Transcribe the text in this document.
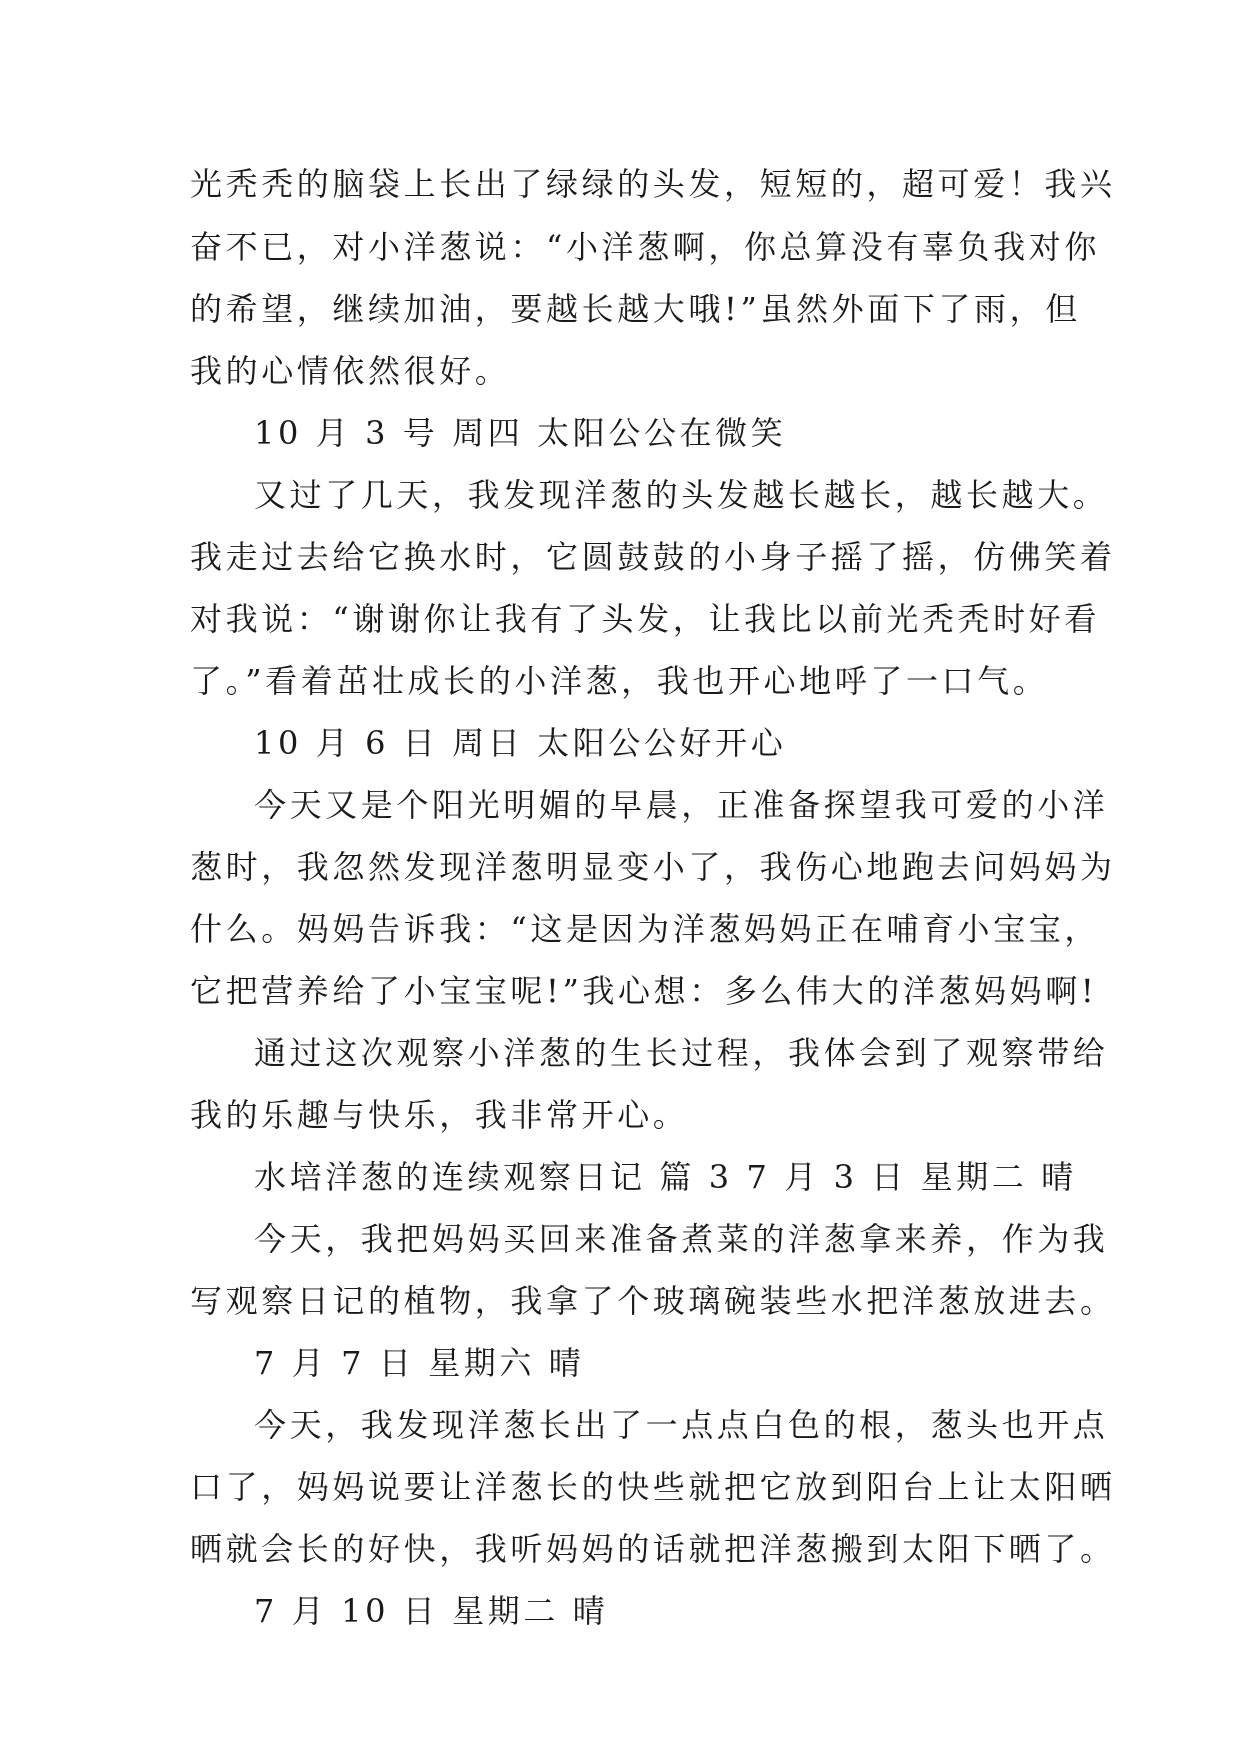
光秃秃的脑袋上长出了绿绿的头发，短短的，超可爱！我兴
奋不已，对小洋葱说：“小洋葱啊，你总算没有辜负我对你
的希望，继续加油，要越长越大哦!”虽然外面下了雨，但
我的心情依然很好。
10 月 3 号 周四 太阳公公在微笑
又过了几天，我发现洋葱的头发越长越长，越长越大。
我走过去给它换水时，它圆鼓鼓的小身子摇了摇，仿佛笑着
对我说：“谢谢你让我有了头发，让我比以前光秃秃时好看
了。”看着茁壮成长的小洋葱，我也开心地呼了一口气。
10 月 6 日 周日 太阳公公好开心
今天又是个阳光明媚的早晨，正准备探望我可爱的小洋
葱时，我忽然发现洋葱明显变小了，我伤心地跑去问妈妈为
什么。妈妈告诉我：“这是因为洋葱妈妈正在哺育小宝宝，
它把营养给了小宝宝呢!”我心想：多么伟大的洋葱妈妈啊!
通过这次观察小洋葱的生长过程，我体会到了观察带给
我的乐趣与快乐，我非常开心。
水培洋葱的连续观察日记 篇 3 7 月 3 日 星期二 晴
今天，我把妈妈买回来准备煮菜的洋葱拿来养，作为我
写观察日记的植物，我拿了个玻璃碗装些水把洋葱放进去。
7 月 7 日 星期六 晴
今天，我发现洋葱长出了一点点白色的根，葱头也开点
口了，妈妈说要让洋葱长的快些就把它放到阳台上让太阳晒
晒就会长的好快，我听妈妈的话就把洋葱搬到太阳下晒了。
7 月 10 日 星期二 晴
